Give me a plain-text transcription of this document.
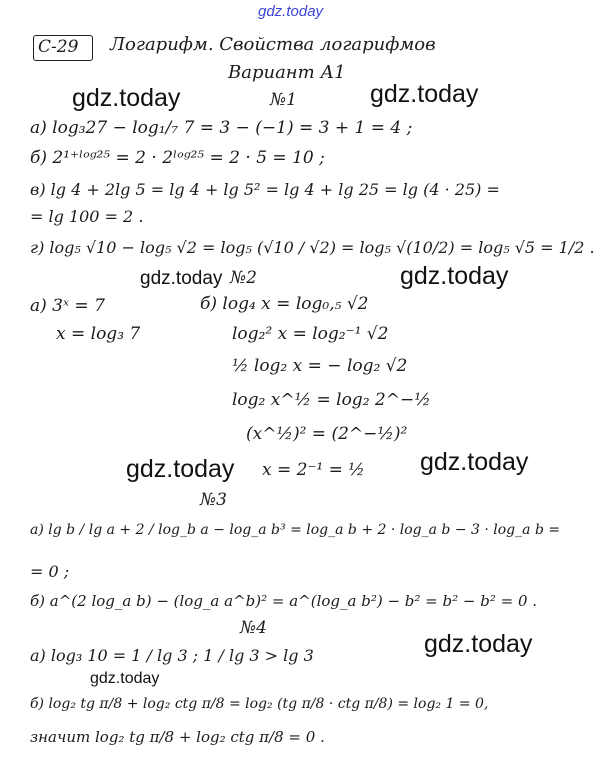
gdz.today
С-29 Логарифм. Свойства логарифмов
Вариант А1
gdz.today	№1	gdz.today
а) log₃27 − log₁/₇ 7 = 3 − (−1) = 3 + 1 = 4 ;
б) 2¹⁺ˡᵒᵍ²⁵ = 2 · 2ˡᵒᵍ²⁵ = 2 · 5 = 10 ;
в) lg 4 + 2lg 5 = lg 4 + lg 5² = lg 4 + lg 25 = lg (4 · 25) =
= lg 100 = 2 .
г) log₅ √10 − log₅ √2 = log₅ (√10 / √2) = log₅ √(10/2) = log₅ √5 = 1/2 .
gdz.today №2	gdz.today
а) 3ˣ = 7
x = log₃ 7
б) log₄ x = log₀,₅ √2
log₂² x = log₂⁻¹ √2
½ log₂ x = − log₂ √2
log₂ x^½ = log₂ 2^−½
(x^½)² = (2^−½)²
gdz.today x = 2⁻¹ = ½ gdz.today
№3
а) lg b / lg a + 2 / log_b a − log_a b³ = log_a b + 2 · log_a b − 3 · log_a b =
= 0 ;
б) a^(2 log_a b) − (log_a a^b)² = a^(log_a b²) − b² = b² − b² = 0 .
№4
а) log₃ 10 = 1 / lg 3 ; 1 / lg 3 > lg 3	gdz.today
gdz.today
б) log₂ tg π/8 + log₂ ctg π/8 = log₂ (tg π/8 · ctg π/8) = log₂ 1 = 0,
значит log₂ tg π/8 + log₂ ctg π/8 = 0 .
